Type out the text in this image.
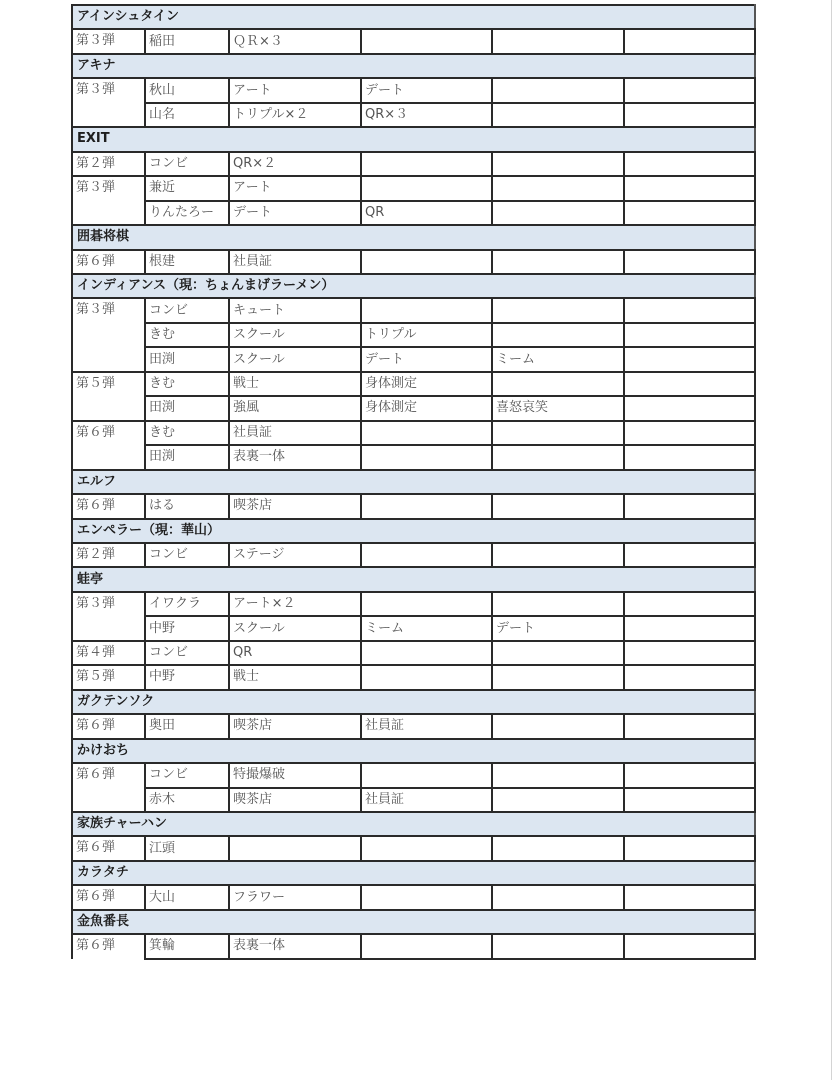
アインシュタイン					
第３弾	稲田	ＱＲ×３			
アキナ					
第３弾	秋山	アート	デート		
	山名	トリプル×２	QR×３		
EXIT					
第２弾	コンビ	QR×２			
第３弾	兼近	アート			
	りんたろー	デート	QR		
囲碁将棋					
第６弾	根建	社員証			
インディアンス（現：ちょんまげラーメン）					
第３弾	コンビ	キュート			
	きむ	スクール	トリプル		
	田渕	スクール	デート	ミーム	
第５弾	きむ	戦士	身体測定		
	田渕	強風	身体測定	喜怒哀笑	
第６弾	きむ	社員証			
	田渕	表裏一体			
エルフ					
第６弾	はる	喫茶店			
エンペラー（現：華山）					
第２弾	コンビ	ステージ			
蛙亭					
第３弾	イワクラ	アート×２			
	中野	スクール	ミーム	デート	
第４弾	コンビ	QR			
第５弾	中野	戦士			
ガクテンソク					
第６弾	奥田	喫茶店	社員証		
かけおち					
第６弾	コンビ	特撮爆破			
	赤木	喫茶店	社員証		
家族チャーハン					
第６弾	江頭				
カラタチ					
第６弾	大山	フラワー			
金魚番長					
第６弾	箕輪	表裏一体			
